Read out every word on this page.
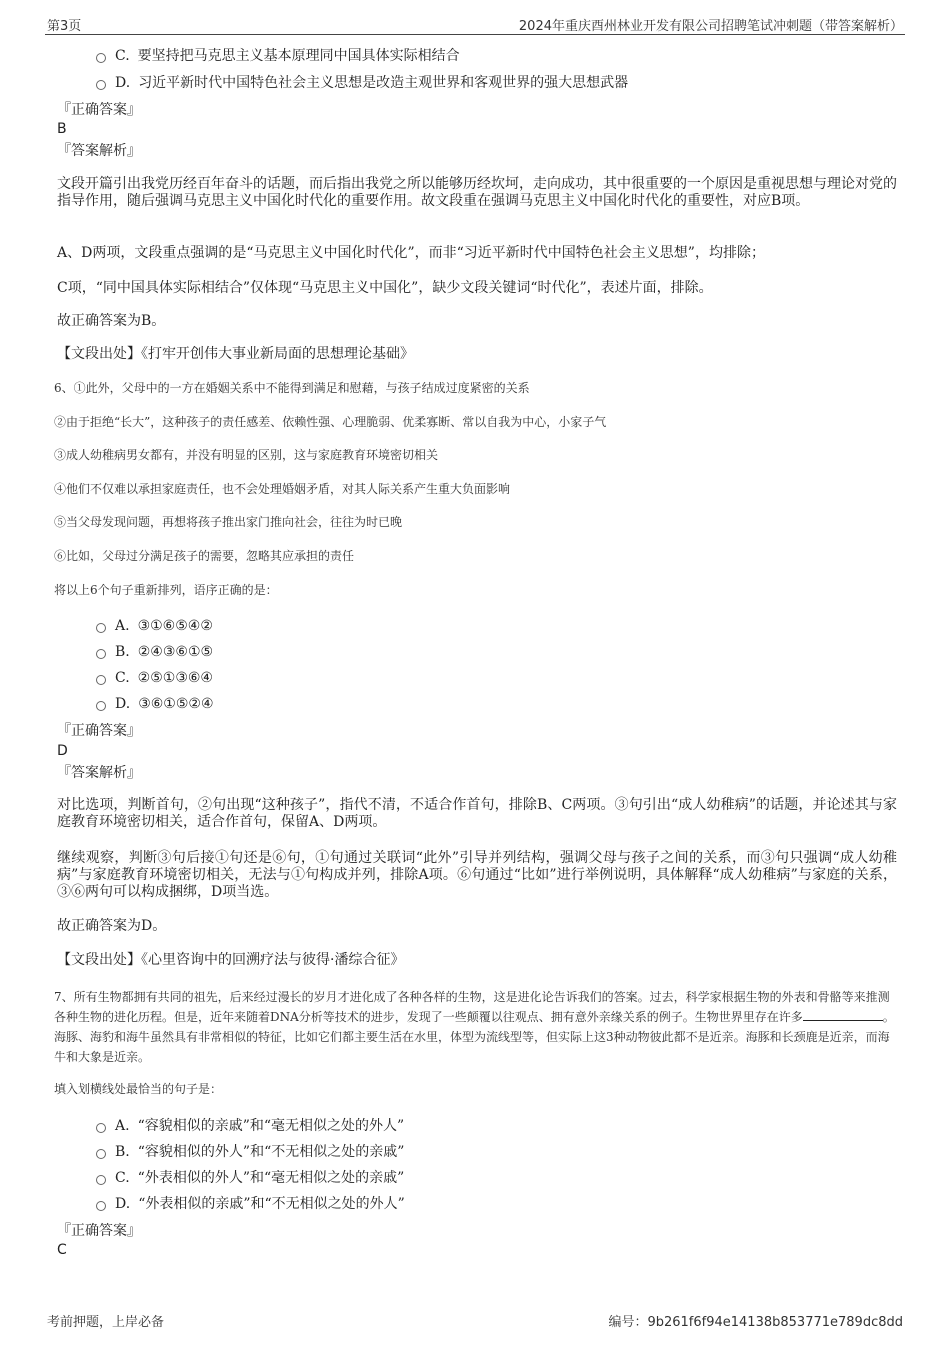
第3页	2024年重庆酉州林业开发有限公司招聘笔试冲刺题（带答案解析）
C. 要坚持把马克思主义基本原理同中国具体实际相结合
D. 习近平新时代中国特色社会主义思想是改造主观世界和客观世界的强大思想武器
『正确答案』
B
『答案解析』
文段开篇引出我党历经百年奋斗的话题，而后指出我党之所以能够历经坎坷，走向成功，其中很重要的一个原因是重视思想与理论对党的指导作用，随后强调马克思主义中国化时代化的重要作用。故文段重在强调马克思主义中国化时代化的重要性，对应B项。
A、D两项，文段重点强调的是“马克思主义中国化时代化”，而非“习近平新时代中国特色社会主义思想”，均排除；
C项，“同中国具体实际相结合”仅体现“马克思主义中国化”，缺少文段关键词“时代化”，表述片面，排除。
故正确答案为B。
【文段出处】《打牢开创伟大事业新局面的思想理论基础》
6、①此外，父母中的一方在婚姻关系中不能得到满足和慰藉，与孩子结成过度紧密的关系
②由于拒绝“长大”，这种孩子的责任感差、依赖性强、心理脆弱、优柔寡断、常以自我为中心，小家子气
③成人幼稚病男女都有，并没有明显的区别，这与家庭教育环境密切相关
④他们不仅难以承担家庭责任，也不会处理婚姻矛盾，对其人际关系产生重大负面影响
⑤当父母发现问题，再想将孩子推出家门推向社会，往往为时已晚
⑥比如，父母过分满足孩子的需要，忽略其应承担的责任
将以上6个句子重新排列，语序正确的是：
A. ③①⑥⑤④②
B. ②④③⑥①⑤
C. ②⑤①③⑥④
D. ③⑥①⑤②④
『正确答案』
D
『答案解析』
对比选项，判断首句，②句出现“这种孩子”，指代不清，不适合作首句，排除B、C两项。③句引出“成人幼稚病”的话题，并论述其与家庭教育环境密切相关，适合作首句，保留A、D两项。
继续观察，判断③句后接①句还是⑥句，①句通过关联词“此外”引导并列结构，强调父母与孩子之间的关系，而③句只强调“成人幼稚病”与家庭教育环境密切相关，无法与①句构成并列，排除A项。⑥句通过“比如”进行举例说明，具体解释“成人幼稚病”与家庭的关系，③⑥两句可以构成捆绑，D项当选。
故正确答案为D。
【文段出处】《心里咨询中的回溯疗法与彼得·潘综合征》
7、所有生物都拥有共同的祖先，后来经过漫长的岁月才进化成了各种各样的生物，这是进化论告诉我们的答案。过去，科学家根据生物的外表和骨骼等来推测各种生物的进化历程。但是，近年来随着DNA分析等技术的进步，发现了一些颠覆以往观点、拥有意外亲缘关系的例子。生物世界里存在许多	。海豚、海豹和海牛虽然具有非常相似的特征，比如它们都主要生活在水里，体型为流线型等，但实际上这3种动物彼此都不是近亲。海豚和长颈鹿是近亲，而海牛和大象是近亲。
填入划横线处最恰当的句子是：
A. “容貌相似的亲戚”和“毫无相似之处的外人”
B. “容貌相似的外人”和“不无相似之处的亲戚”
C. “外表相似的外人”和“毫无相似之处的亲戚”
D. “外表相似的亲戚”和“不无相似之处的外人”
『正确答案』
C
考前押题，上岸必备	编号：9b261f6f94e14138b853771e789dc8dd
